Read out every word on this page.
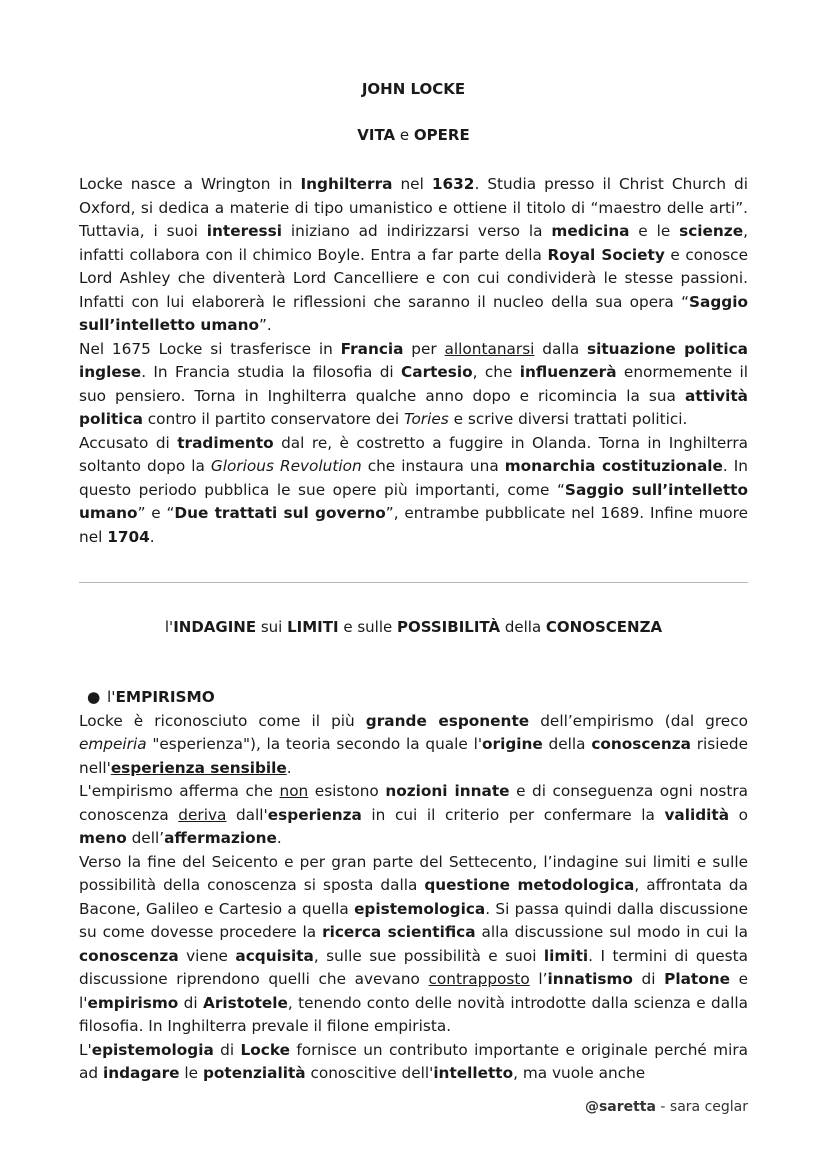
JOHN LOCKE
VITA e OPERE

Locke nasce a Wrington in Inghilterra nel 1632. Studia presso il Christ Church di Oxford, si dedica a materie di tipo umanistico e ottiene il titolo di “maestro delle arti”. Tuttavia, i suoi interessi iniziano ad indirizzarsi verso la medicina e le scienze, infatti collabora con il chimico Boyle. Entra a far parte della Royal Society e conosce Lord Ashley che diventerà Lord Cancelliere e con cui condividerà le stesse passioni. Infatti con lui elaborerà le riflessioni che saranno il nucleo della sua opera “Saggio sull’intelletto umano”.

Nel 1675 Locke si trasferisce in Francia per allontanarsi dalla situazione politica inglese. In Francia studia la filosofia di Cartesio, che influenzerà enormemente il suo pensiero. Torna in Inghilterra qualche anno dopo e ricomincia la sua attività politica contro il partito conservatore dei Tories e scrive diversi trattati politici.

Accusato di tradimento dal re, è costretto a fuggire in Olanda. Torna in Inghilterra soltanto dopo la Glorious Revolution che instaura una monarchia costituzionale. In questo periodo pubblica le sue opere più importanti, come “Saggio sull’intelletto umano” e “Due trattati sul governo”, entrambe pubblicate nel 1689. Infine muore nel 1704.

l'INDAGINE sui LIMITI e sulle POSSIBILITÀ della CONOSCENZA

● l'EMPIRISMO

Locke è riconosciuto come il più grande esponente dell’empirismo (dal greco empeiria "esperienza"), la teoria secondo la quale l'origine della conoscenza risiede nell'esperienza sensibile.

L'empirismo afferma che non esistono nozioni innate e di conseguenza ogni nostra conoscenza deriva dall'esperienza in cui il criterio per confermare la validità o meno dell’affermazione.

Verso la fine del Seicento e per gran parte del Settecento, l’indagine sui limiti e sulle possibilità della conoscenza si sposta dalla questione metodologica, affrontata da Bacone, Galileo e Cartesio a quella epistemologica. Si passa quindi dalla discussione su come dovesse procedere la ricerca scientifica alla discussione sul modo in cui la conoscenza viene acquisita, sulle sue possibilità e suoi limiti. I termini di questa discussione riprendono quelli che avevano contrapposto l’innatismo di Platone e l'empirismo di Aristotele, tenendo conto delle novità introdotte dalla scienza e dalla filosofia. In Inghilterra prevale il filone empirista.

L'epistemologia di Locke fornisce un contributo importante e originale perché mira ad indagare le potenzialità conoscitive dell'intelletto, ma vuole anche

@saretta - sara ceglar
